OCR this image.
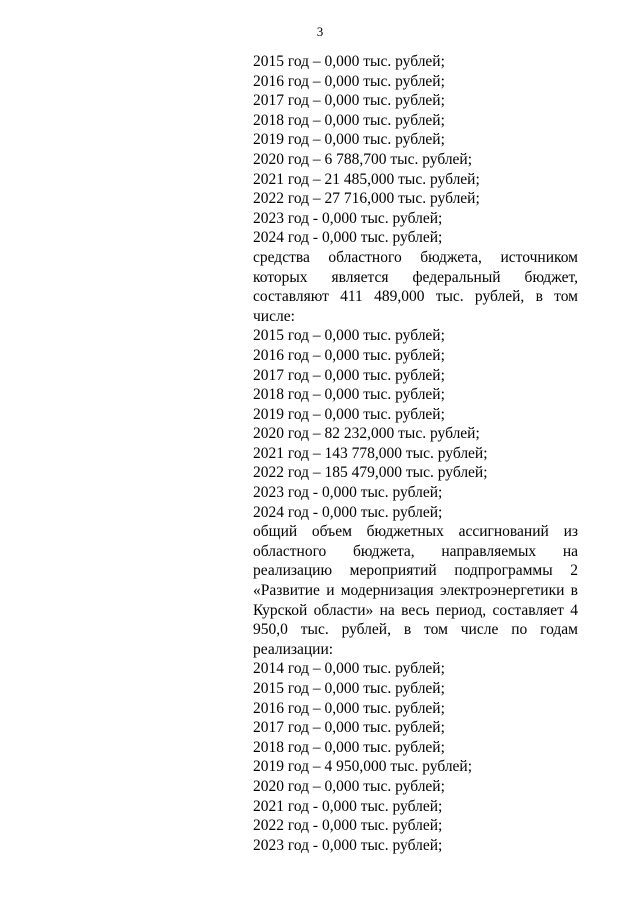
3
2015 год – 0,000 тыс. рублей;
2016 год – 0,000 тыс. рублей;
2017 год – 0,000 тыс. рублей;
2018 год – 0,000 тыс. рублей;
2019 год – 0,000 тыс. рублей;
2020 год – 6 788,700 тыс. рублей;
2021 год – 21 485,000 тыс. рублей;
2022 год – 27 716,000 тыс. рублей;
2023 год - 0,000 тыс. рублей;
2024 год - 0,000 тыс. рублей;
средства областного бюджета, источником которых является федеральный бюджет, составляют 411 489,000 тыс. рублей, в том числе:
2015 год – 0,000 тыс. рублей;
2016 год – 0,000 тыс. рублей;
2017 год – 0,000 тыс. рублей;
2018 год – 0,000 тыс. рублей;
2019 год – 0,000 тыс. рублей;
2020 год – 82 232,000 тыс. рублей;
2021 год – 143 778,000 тыс. рублей;
2022 год – 185 479,000 тыс. рублей;
2023 год - 0,000 тыс. рублей;
2024 год - 0,000 тыс. рублей;
общий объем бюджетных ассигнований из областного бюджета, направляемых на реализацию мероприятий подпрограммы 2 «Развитие и модернизация электроэнергетики в Курской области» на весь период, составляет 4 950,0 тыс. рублей, в том числе по годам реализации:
2014 год – 0,000 тыс. рублей;
2015 год – 0,000 тыс. рублей;
2016 год – 0,000 тыс. рублей;
2017 год – 0,000 тыс. рублей;
2018 год – 0,000 тыс. рублей;
2019 год – 4 950,000 тыс. рублей;
2020 год – 0,000 тыс. рублей;
2021 год - 0,000 тыс. рублей;
2022 год - 0,000 тыс. рублей;
2023 год - 0,000 тыс. рублей;
